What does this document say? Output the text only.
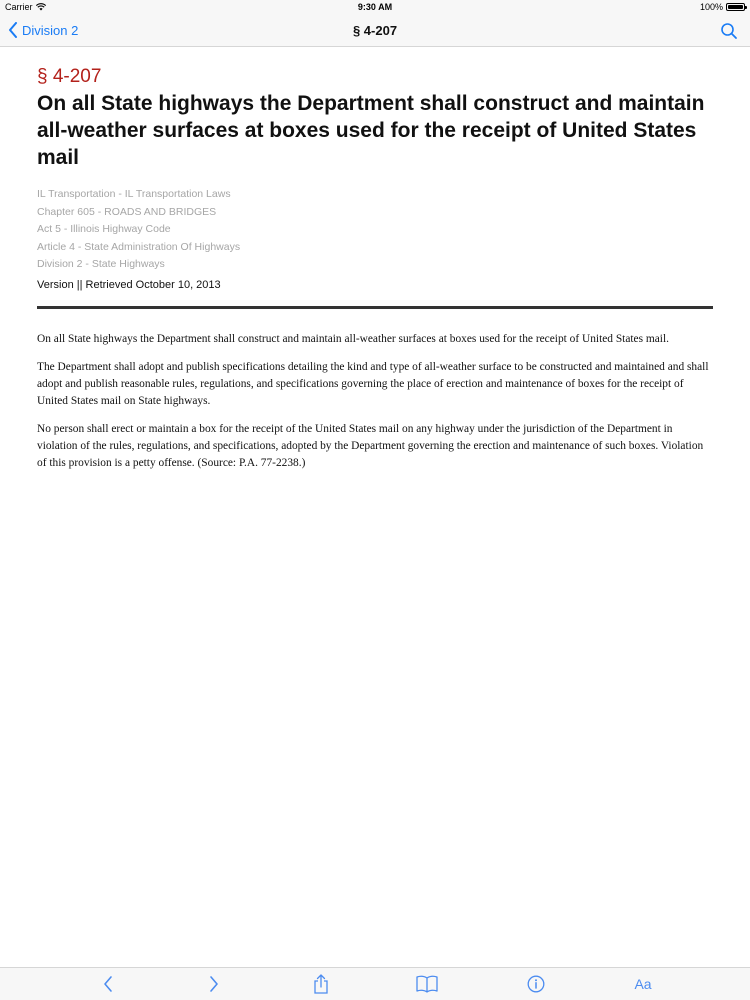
Carrier	9:30 AM	100%
Division 2	§ 4-207
§ 4-207
On all State highways the Department shall construct and maintain all-weather surfaces at boxes used for the receipt of United States mail
IL Transportation - IL Transportation Laws
Chapter 605 - ROADS AND BRIDGES
Act 5 - Illinois Highway Code
Article 4 - State Administration Of Highways
Division 2 - State Highways
Version || Retrieved October 10, 2013

On all State highways the Department shall construct and maintain all-weather surfaces at boxes used for the receipt of United States mail.

The Department shall adopt and publish specifications detailing the kind and type of all-weather surface to be constructed and maintained and shall adopt and publish reasonable rules, regulations, and specifications governing the place of erection and maintenance of boxes for the receipt of United States mail on State highways.

No person shall erect or maintain a box for the receipt of the United States mail on any highway under the jurisdiction of the Department in violation of the rules, regulations, and specifications, adopted by the Department governing the erection and maintenance of such boxes. Violation of this provision is a petty offense. (Source: P.A. 77-2238.)

Aa
